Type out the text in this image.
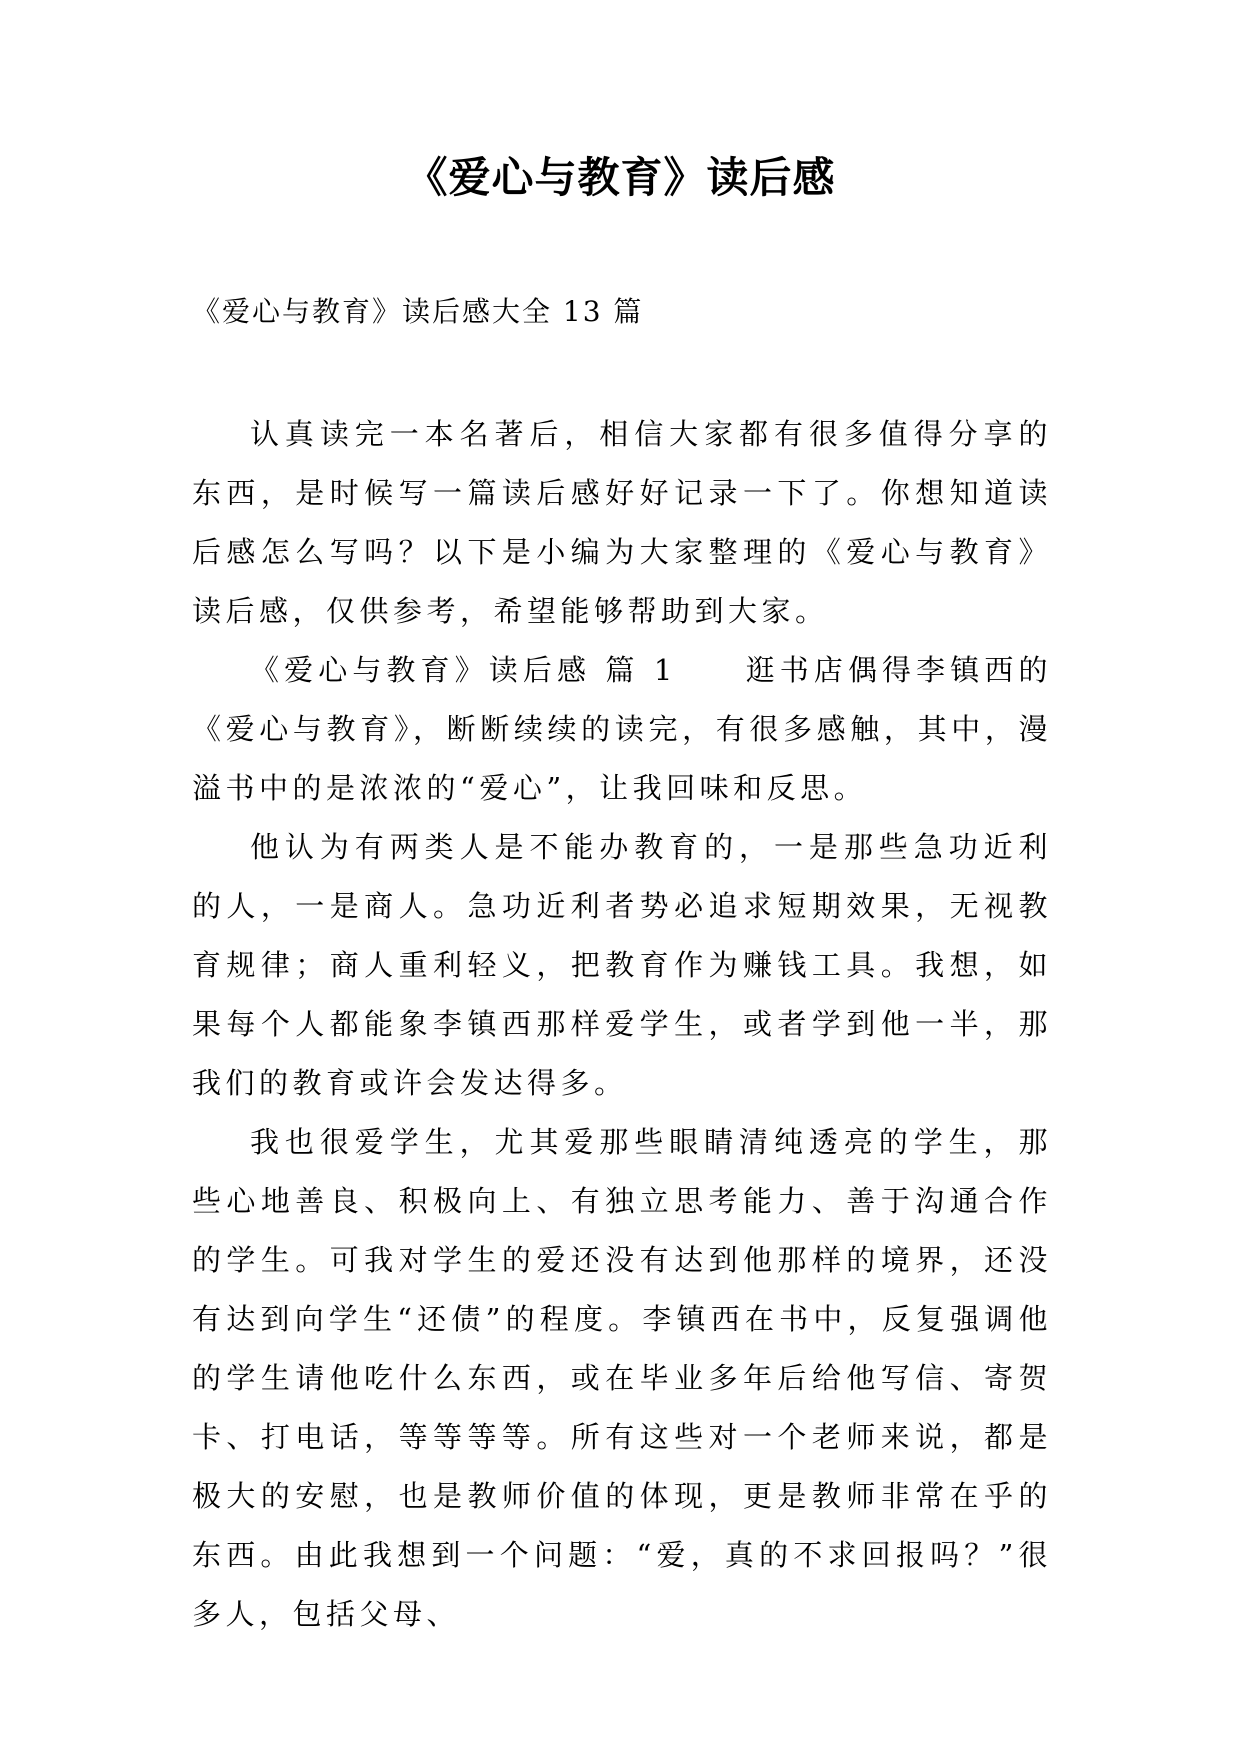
《爱心与教育》读后感

《爱心与教育》读后感大全 13 篇

认真读完一本名著后，相信大家都有很多值得分享的东西，是时候写一篇读后感好好记录一下了。你想知道读后感怎么写吗？以下是小编为大家整理的《爱心与教育》读后感，仅供参考，希望能够帮助到大家。

《爱心与教育》读后感 篇 1　　逛书店偶得李镇西的《爱心与教育》，断断续续的读完，有很多感触，其中，漫溢书中的是浓浓的“爱心”，让我回味和反思。

他认为有两类人是不能办教育的，一是那些急功近利的人，一是商人。急功近利者势必追求短期效果，无视教育规律；商人重利轻义，把教育作为赚钱工具。我想，如果每个人都能象李镇西那样爱学生，或者学到他一半，那我们的教育或许会发达得多。

我也很爱学生，尤其爱那些眼睛清纯透亮的学生，那些心地善良、积极向上、有独立思考能力、善于沟通合作的学生。可我对学生的爱还没有达到他那样的境界，还没有达到向学生“还债”的程度。李镇西在书中，反复强调他的学生请他吃什么东西，或在毕业多年后给他写信、寄贺卡、打电话，等等等等。所有这些对一个老师来说，都是极大的安慰，也是教师价值的体现，更是教师非常在乎的东西。由此我想到一个问题：“爱，真的不求回报吗？”很多人，包括父母、
